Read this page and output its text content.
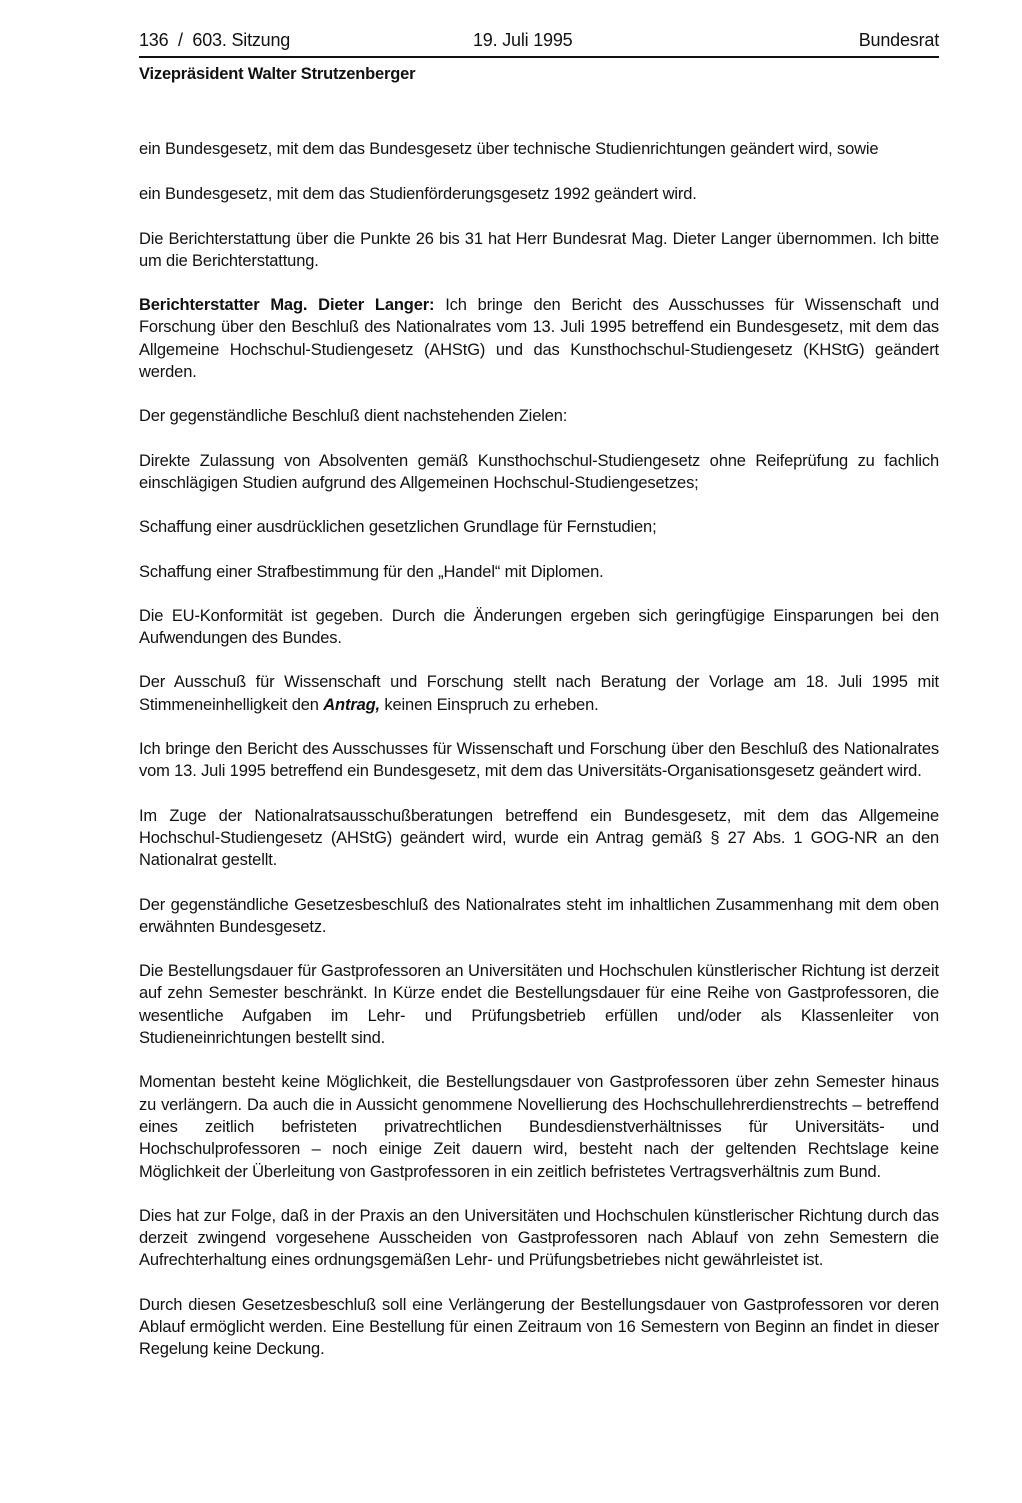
136  /  603. Sitzung	19. Juli 1995	Bundesrat
Vizepräsident Walter Strutzenberger

ein Bundesgesetz, mit dem das Bundesgesetz über technische Studienrichtungen geändert wird, sowie

ein Bundesgesetz, mit dem das Studienförderungsgesetz 1992 geändert wird.

Die Berichterstattung über die Punkte 26 bis 31 hat Herr Bundesrat Mag. Dieter Langer übernommen. Ich bitte um die Berichterstattung.

Berichterstatter Mag. Dieter Langer: Ich bringe den Bericht des Ausschusses für Wissenschaft und Forschung über den Beschluß des Nationalrates vom 13. Juli 1995 betreffend ein Bundesgesetz, mit dem das Allgemeine Hochschul-Studiengesetz (AHStG) und das Kunsthochschul-Studiengesetz (KHStG) geändert werden.

Der gegenständliche Beschluß dient nachstehenden Zielen:

Direkte Zulassung von Absolventen gemäß Kunsthochschul-Studiengesetz ohne Reifeprüfung zu fachlich einschlägigen Studien aufgrund des Allgemeinen Hochschul-Studiengesetzes;

Schaffung einer ausdrücklichen gesetzlichen Grundlage für Fernstudien;

Schaffung einer Strafbestimmung für den „Handel“ mit Diplomen.

Die EU-Konformität ist gegeben. Durch die Änderungen ergeben sich geringfügige Einsparungen bei den Aufwendungen des Bundes.

Der Ausschuß für Wissenschaft und Forschung stellt nach Beratung der Vorlage am 18. Juli 1995 mit Stimmeneinhelligkeit den Antrag, keinen Einspruch zu erheben.

Ich bringe den Bericht des Ausschusses für Wissenschaft und Forschung über den Beschluß des Nationalrates vom 13. Juli 1995 betreffend ein Bundesgesetz, mit dem das Universitäts-Organisationsgesetz geändert wird.

Im Zuge der Nationalratsausschußberatungen betreffend ein Bundesgesetz, mit dem das Allgemeine Hochschul-Studiengesetz (AHStG) geändert wird, wurde ein Antrag gemäß § 27 Abs. 1 GOG-NR an den Nationalrat gestellt.

Der gegenständliche Gesetzesbeschluß des Nationalrates steht im inhaltlichen Zusammenhang mit dem oben erwähnten Bundesgesetz.

Die Bestellungsdauer für Gastprofessoren an Universitäten und Hochschulen künstlerischer Richtung ist derzeit auf zehn Semester beschränkt. In Kürze endet die Bestellungsdauer für eine Reihe von Gastprofessoren, die wesentliche Aufgaben im Lehr- und Prüfungsbetrieb erfüllen und/oder als Klassenleiter von Studieneinrichtungen bestellt sind.

Momentan besteht keine Möglichkeit, die Bestellungsdauer von Gastprofessoren über zehn Semester hinaus zu verlängern. Da auch die in Aussicht genommene Novellierung des Hochschullehrerdienstrechts – betreffend eines zeitlich befristeten privatrechtlichen Bundesdienstverhältnisses für Universitäts- und Hochschulprofessoren – noch einige Zeit dauern wird, besteht nach der geltenden Rechtslage keine Möglichkeit der Überleitung von Gastprofessoren in ein zeitlich befristetes Vertragsverhältnis zum Bund.

Dies hat zur Folge, daß in der Praxis an den Universitäten und Hochschulen künstlerischer Richtung durch das derzeit zwingend vorgesehene Ausscheiden von Gastprofessoren nach Ablauf von zehn Semestern die Aufrechterhaltung eines ordnungsgemäßen Lehr- und Prüfungsbetriebes nicht gewährleistet ist.

Durch diesen Gesetzesbeschluß soll eine Verlängerung der Bestellungsdauer von Gastprofessoren vor deren Ablauf ermöglicht werden. Eine Bestellung für einen Zeitraum von 16 Semestern von Beginn an findet in dieser Regelung keine Deckung.
